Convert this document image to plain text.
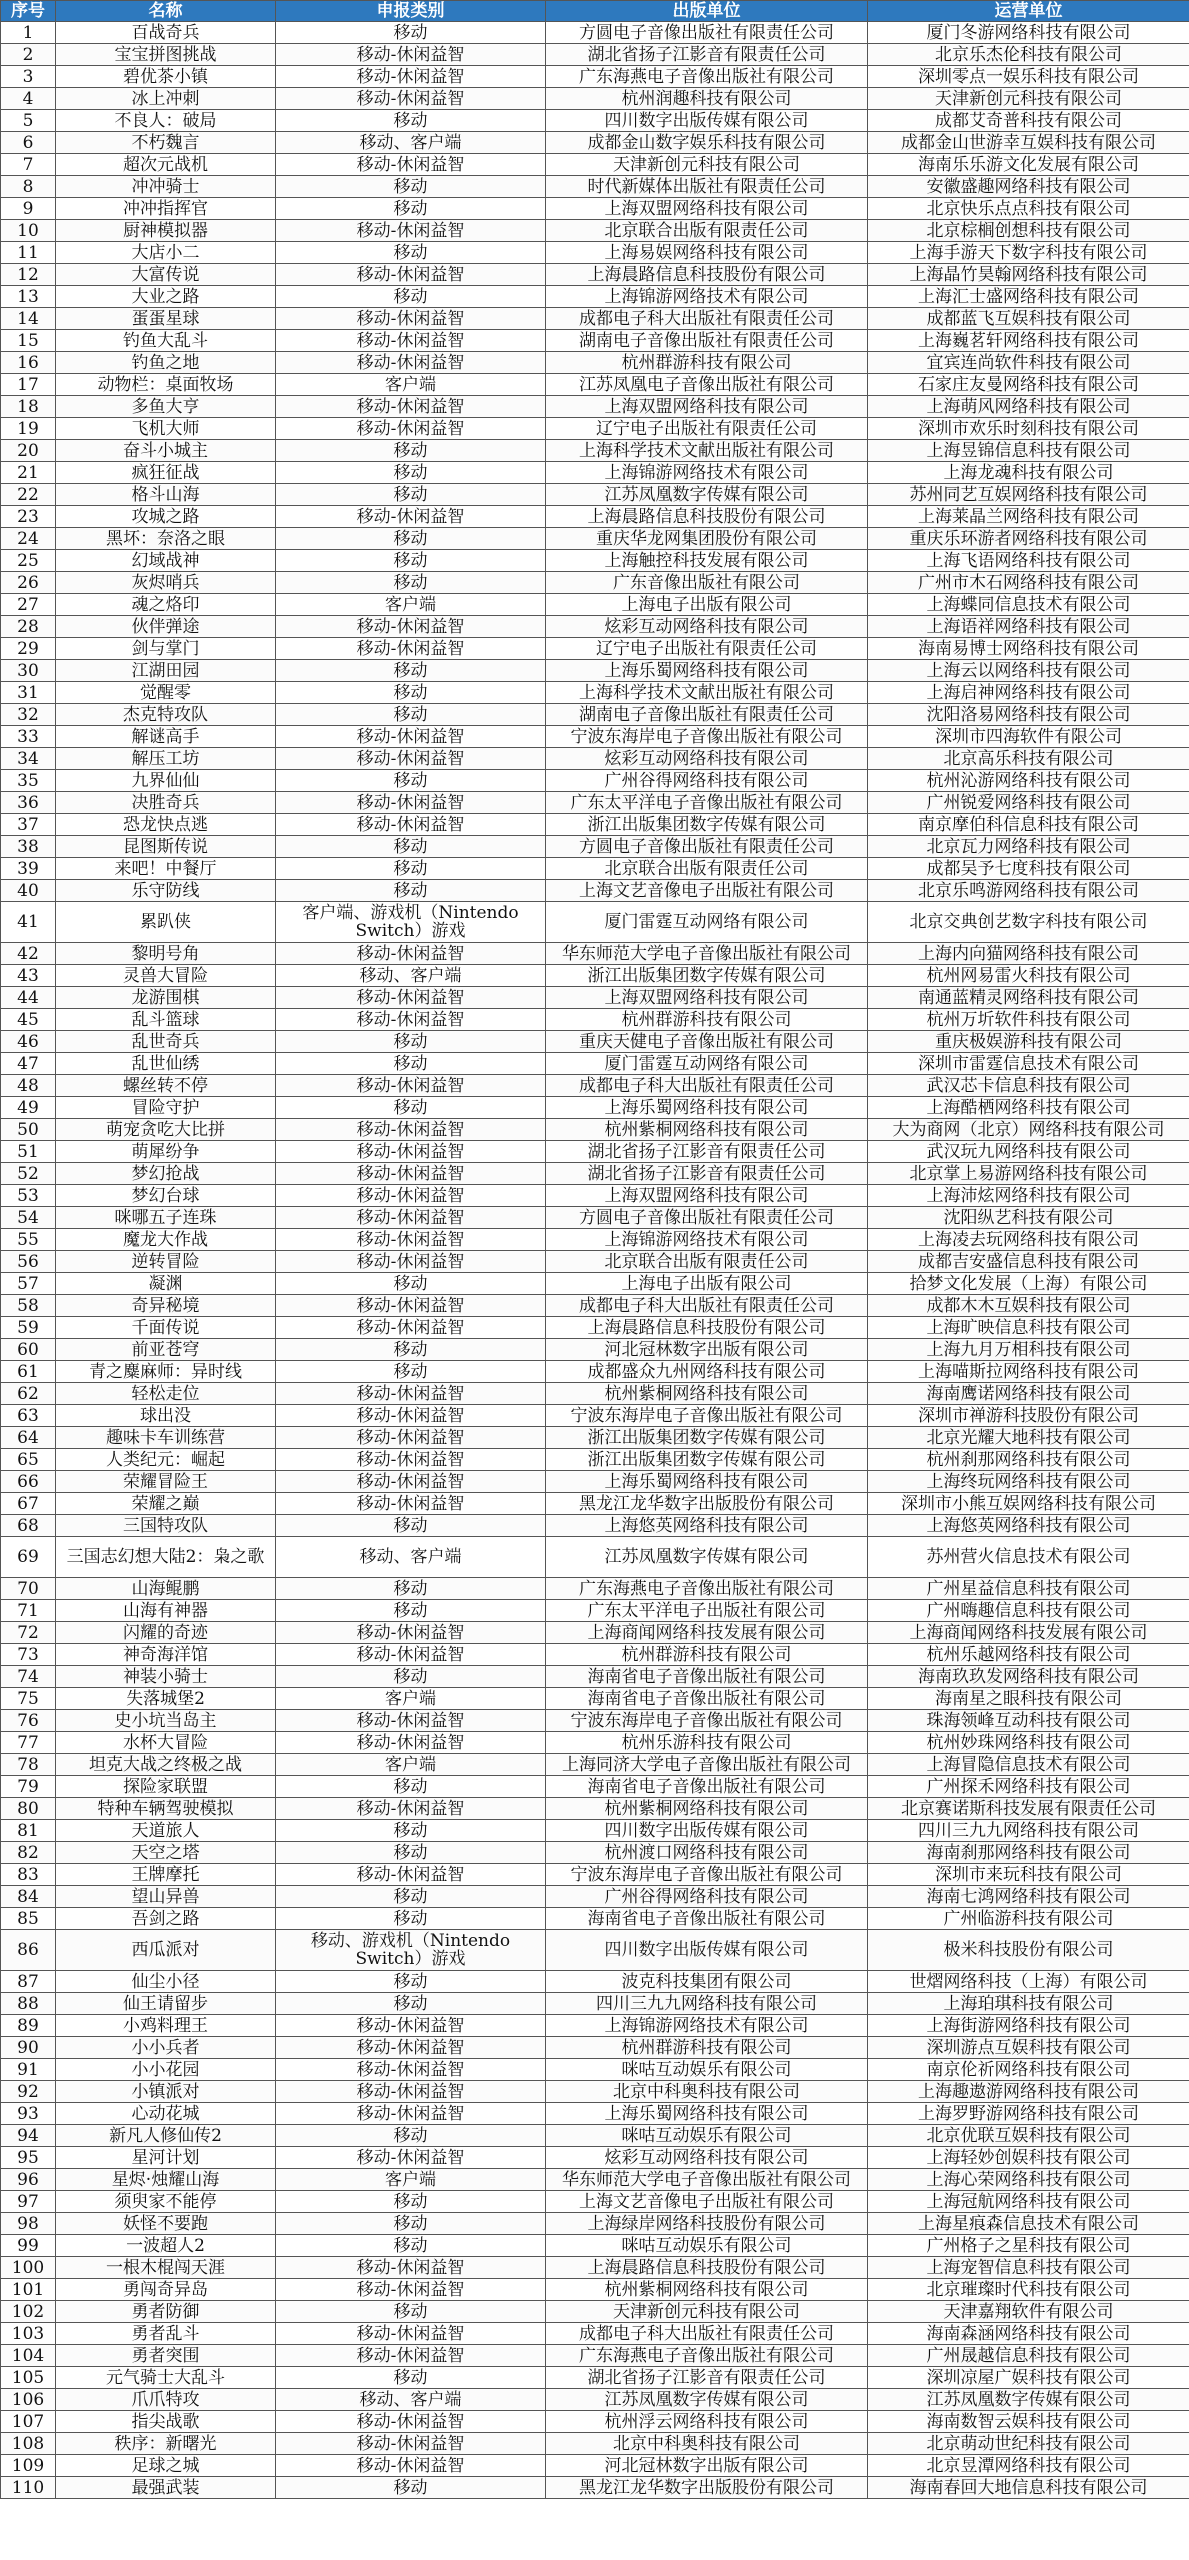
序号	名称	申报类别	出版单位	运营单位
1	百战奇兵	移动	方圆电子音像出版社有限责任公司	厦门冬游网络科技有限公司
2	宝宝拼图挑战	移动-休闲益智	湖北省扬子江影音有限责任公司	北京乐杰伦科技有限公司
3	碧优茶小镇	移动-休闲益智	广东海燕电子音像出版社有限公司	深圳零点一娱乐科技有限公司
4	冰上冲刺	移动-休闲益智	杭州润趣科技有限公司	天津新创元科技有限公司
5	不良人：破局	移动	四川数字出版传媒有限公司	成都艾奇普科技有限公司
6	不朽魏言	移动、客户端	成都金山数字娱乐科技有限公司	成都金山世游幸互娱科技有限公司
7	超次元战机	移动-休闲益智	天津新创元科技有限公司	海南乐乐游文化发展有限公司
8	冲冲骑士	移动	时代新媒体出版社有限责任公司	安徽盛趣网络科技有限公司
9	冲冲指挥官	移动	上海双盟网络科技有限公司	北京快乐点点科技有限公司
10	厨神模拟器	移动-休闲益智	北京联合出版有限责任公司	北京棕榈创想科技有限公司
11	大店小二	移动	上海易娱网络科技有限公司	上海手游天下数字科技有限公司
12	大富传说	移动-休闲益智	上海晨路信息科技股份有限公司	上海晶竹昊翰网络科技有限公司
13	大业之路	移动	上海锦游网络技术有限公司	上海汇士盛网络科技有限公司
14	蛋蛋星球	移动-休闲益智	成都电子科大出版社有限责任公司	成都蓝飞互娱科技有限公司
15	钓鱼大乱斗	移动-休闲益智	湖南电子音像出版社有限责任公司	上海巍茗轩网络科技有限公司
16	钓鱼之地	移动-休闲益智	杭州群游科技有限公司	宜宾连尚软件科技有限公司
17	动物栏：桌面牧场	客户端	江苏凤凰电子音像出版社有限公司	石家庄友曼网络科技有限公司
18	多鱼大亨	移动-休闲益智	上海双盟网络科技有限公司	上海萌风网络科技有限公司
19	飞机大师	移动-休闲益智	辽宁电子出版社有限责任公司	深圳市欢乐时刻科技有限公司
20	奋斗小城主	移动	上海科学技术文献出版社有限公司	上海昱锦信息科技有限公司
21	疯狂征战	移动	上海锦游网络技术有限公司	上海龙魂科技有限公司
22	格斗山海	移动	江苏凤凰数字传媒有限公司	苏州同艺互娱网络科技有限公司
23	攻城之路	移动-休闲益智	上海晨路信息科技股份有限公司	上海莱晶兰网络科技有限公司
24	黑坏：奈洛之眼	移动	重庆华龙网集团股份有限公司	重庆乐环游者网络科技有限公司
25	幻域战神	移动	上海触控科技发展有限公司	上海飞语网络科技有限公司
26	灰烬哨兵	移动	广东音像出版社有限公司	广州市木石网络科技有限公司
27	魂之烙印	客户端	上海电子出版有限公司	上海蝶同信息技术有限公司
28	伙伴弹途	移动-休闲益智	炫彩互动网络科技有限公司	上海语祥网络科技有限公司
29	剑与掌门	移动-休闲益智	辽宁电子出版社有限责任公司	海南易博士网络科技有限公司
30	江湖田园	移动	上海乐蜀网络科技有限公司	上海云以网络科技有限公司
31	觉醒零	移动	上海科学技术文献出版社有限公司	上海启神网络科技有限公司
32	杰克特攻队	移动	湖南电子音像出版社有限责任公司	沈阳洛易网络科技有限公司
33	解谜高手	移动-休闲益智	宁波东海岸电子音像出版社有限公司	深圳市四海软件有限公司
34	解压工坊	移动-休闲益智	炫彩互动网络科技有限公司	北京高乐科技有限公司
35	九界仙仙	移动	广州谷得网络科技有限公司	杭州沁游网络科技有限公司
36	决胜奇兵	移动-休闲益智	广东太平洋电子音像出版社有限公司	广州锐爱网络科技有限公司
37	恐龙快点逃	移动-休闲益智	浙江出版集团数字传媒有限公司	南京摩伯科信息科技有限公司
38	昆图斯传说	移动	方圆电子音像出版社有限责任公司	北京瓦力网络科技有限公司
39	来吧！中餐厅	移动	北京联合出版有限责任公司	成都吴予七度科技有限公司
40	乐守防线	移动	上海文艺音像电子出版社有限公司	北京乐鸣游网络科技有限公司
41	累趴侠	客户端、游戏机（Nintendo Switch）游戏	厦门雷霆互动网络有限公司	北京交典创艺数字科技有限公司
42	黎明号角	移动-休闲益智	华东师范大学电子音像出版社有限公司	上海内向猫网络科技有限公司
43	灵兽大冒险	移动、客户端	浙江出版集团数字传媒有限公司	杭州网易雷火科技有限公司
44	龙游围棋	移动-休闲益智	上海双盟网络科技有限公司	南通蓝精灵网络科技有限公司
45	乱斗篮球	移动-休闲益智	杭州群游科技有限公司	杭州万圻软件科技有限公司
46	乱世奇兵	移动	重庆天健电子音像出版社有限公司	重庆极娱游科技有限公司
47	乱世仙绣	移动	厦门雷霆互动网络有限公司	深圳市雷霆信息技术有限公司
48	螺丝转不停	移动-休闲益智	成都电子科大出版社有限责任公司	武汉芯卡信息科技有限公司
49	冒险守护	移动	上海乐蜀网络科技有限公司	上海酷栖网络科技有限公司
50	萌宠贪吃大比拼	移动-休闲益智	杭州紫桐网络科技有限公司	大为商网（北京）网络科技有限公司
51	萌犀纷争	移动-休闲益智	湖北省扬子江影音有限责任公司	武汉玩九网络科技有限公司
52	梦幻抢战	移动-休闲益智	湖北省扬子江影音有限责任公司	北京掌上易游网络科技有限公司
53	梦幻台球	移动-休闲益智	上海双盟网络科技有限公司	上海沛炫网络科技有限公司
54	咪哪五子连珠	移动-休闲益智	方圆电子音像出版社有限责任公司	沈阳纵艺科技有限公司
55	魔龙大作战	移动-休闲益智	上海锦游网络技术有限公司	上海凌去玩网络科技有限公司
56	逆转冒险	移动-休闲益智	北京联合出版有限责任公司	成都吉安盛信息科技有限公司
57	凝渊	移动	上海电子出版有限公司	拾梦文化发展（上海）有限公司
58	奇异秘境	移动-休闲益智	成都电子科大出版社有限责任公司	成都木木互娱科技有限公司
59	千面传说	移动-休闲益智	上海晨路信息科技股份有限公司	上海旷映信息科技有限公司
60	前亚苍穹	移动	河北冠林数字出版有限公司	上海九月万相科技有限公司
61	青之麋麻师：异时线	移动	成都盛众九州网络科技有限公司	上海喵斯拉网络科技有限公司
62	轻松走位	移动-休闲益智	杭州紫桐网络科技有限公司	海南鹰诺网络科技有限公司
63	球出没	移动-休闲益智	宁波东海岸电子音像出版社有限公司	深圳市禅游科技股份有限公司
64	趣味卡车训练营	移动-休闲益智	浙江出版集团数字传媒有限公司	北京光耀大地科技有限公司
65	人类纪元：崛起	移动-休闲益智	浙江出版集团数字传媒有限公司	杭州刹那网络科技有限公司
66	荣耀冒险王	移动-休闲益智	上海乐蜀网络科技有限公司	上海终玩网络科技有限公司
67	荣耀之巅	移动-休闲益智	黑龙江龙华数字出版股份有限公司	深圳市小熊互娱网络科技有限公司
68	三国特攻队	移动	上海悠英网络科技有限公司	上海悠英网络科技有限公司
69	三国志幻想大陆2：枭之歌	移动、客户端	江苏凤凰数字传媒有限公司	苏州营火信息技术有限公司
70	山海鲲鹏	移动	广东海燕电子音像出版社有限公司	广州星益信息科技有限公司
71	山海有神器	移动	广东太平洋电子出版社有限公司	广州嗨趣信息科技有限公司
72	闪耀的奇迹	移动-休闲益智	上海商闻网络科技发展有限公司	上海商闻网络科技发展有限公司
73	神奇海洋馆	移动-休闲益智	杭州群游科技有限公司	杭州乐越网络科技有限公司
74	神装小骑士	移动	海南省电子音像出版社有限公司	海南玖玖发网络科技有限公司
75	失落城堡2	客户端	海南省电子音像出版社有限公司	海南星之眼科技有限公司
76	史小坑当岛主	移动-休闲益智	宁波东海岸电子音像出版社有限公司	珠海领峰互动科技有限公司
77	水杯大冒险	移动-休闲益智	杭州乐游科技有限公司	杭州妙珠网络科技有限公司
78	坦克大战之终极之战	客户端	上海同济大学电子音像出版社有限公司	上海冒隐信息技术有限公司
79	探险家联盟	移动	海南省电子音像出版社有限公司	广州探禾网络科技有限公司
80	特种车辆驾驶模拟	移动-休闲益智	杭州紫桐网络科技有限公司	北京赛诺斯科技发展有限责任公司
81	天道旅人	移动	四川数字出版传媒有限公司	四川三九九网络科技有限公司
82	天空之塔	移动	杭州渡口网络科技有限公司	海南刹那网络科技有限公司
83	王牌摩托	移动-休闲益智	宁波东海岸电子音像出版社有限公司	深圳市来玩科技有限公司
84	望山异兽	移动	广州谷得网络科技有限公司	海南七鸿网络科技有限公司
85	吾剑之路	移动	海南省电子音像出版社有限公司	广州临游科技有限公司
86	西瓜派对	移动、游戏机（Nintendo Switch）游戏	四川数字出版传媒有限公司	极米科技股份有限公司
87	仙尘小径	移动	波克科技集团有限公司	世熠网络科技（上海）有限公司
88	仙王请留步	移动	四川三九九网络科技有限公司	上海珀琪科技有限公司
89	小鸡料理王	移动-休闲益智	上海锦游网络技术有限公司	上海街游网络科技有限公司
90	小小兵者	移动-休闲益智	杭州群游科技有限公司	深圳游点互娱科技有限公司
91	小小花园	移动-休闲益智	咪咕互动娱乐有限公司	南京伦祈网络科技有限公司
92	小镇派对	移动-休闲益智	北京中科奥科技有限公司	上海趣遨游网络科技有限公司
93	心动花城	移动-休闲益智	上海乐蜀网络科技有限公司	上海罗野游网络科技有限公司
94	新凡人修仙传2	移动	咪咕互动娱乐有限公司	北京优联互娱科技有限公司
95	星河计划	移动-休闲益智	炫彩互动网络科技有限公司	上海轻妙创娱科技有限公司
96	星烬·烛耀山海	客户端	华东师范大学电子音像出版社有限公司	上海心荣网络科技有限公司
97	须臾家不能停	移动	上海文艺音像电子出版社有限公司	上海冠航网络科技有限公司
98	妖怪不要跑	移动	上海绿岸网络科技股份有限公司	上海星痕森信息技术有限公司
99	一波超人2	移动	咪咕互动娱乐有限公司	广州格子之星科技有限公司
100	一根木棍闯天涯	移动-休闲益智	上海晨路信息科技股份有限公司	上海宠智信息科技有限公司
101	勇闯奇异岛	移动-休闲益智	杭州紫桐网络科技有限公司	北京璀璨时代科技有限公司
102	勇者防御	移动	天津新创元科技有限公司	天津嘉翔软件有限公司
103	勇者乱斗	移动-休闲益智	成都电子科大出版社有限责任公司	海南森涵网络科技有限公司
104	勇者突围	移动-休闲益智	广东海燕电子音像出版社有限公司	广州晟越信息科技有限公司
105	元气骑士大乱斗	移动	湖北省扬子江影音有限责任公司	深圳凉屋广娱科技有限公司
106	爪爪特攻	移动、客户端	江苏凤凰数字传媒有限公司	江苏凤凰数字传媒有限公司
107	指尖战歌	移动-休闲益智	杭州浮云网络科技有限公司	海南数智云娱科技有限公司
108	秩序：新曙光	移动-休闲益智	北京中科奥科技有限公司	北京萌动世纪科技有限公司
109	足球之城	移动-休闲益智	河北冠林数字出版有限公司	北京昱潭网络科技有限公司
110	最强武装	移动	黑龙江龙华数字出版股份有限公司	海南春回大地信息科技有限公司
